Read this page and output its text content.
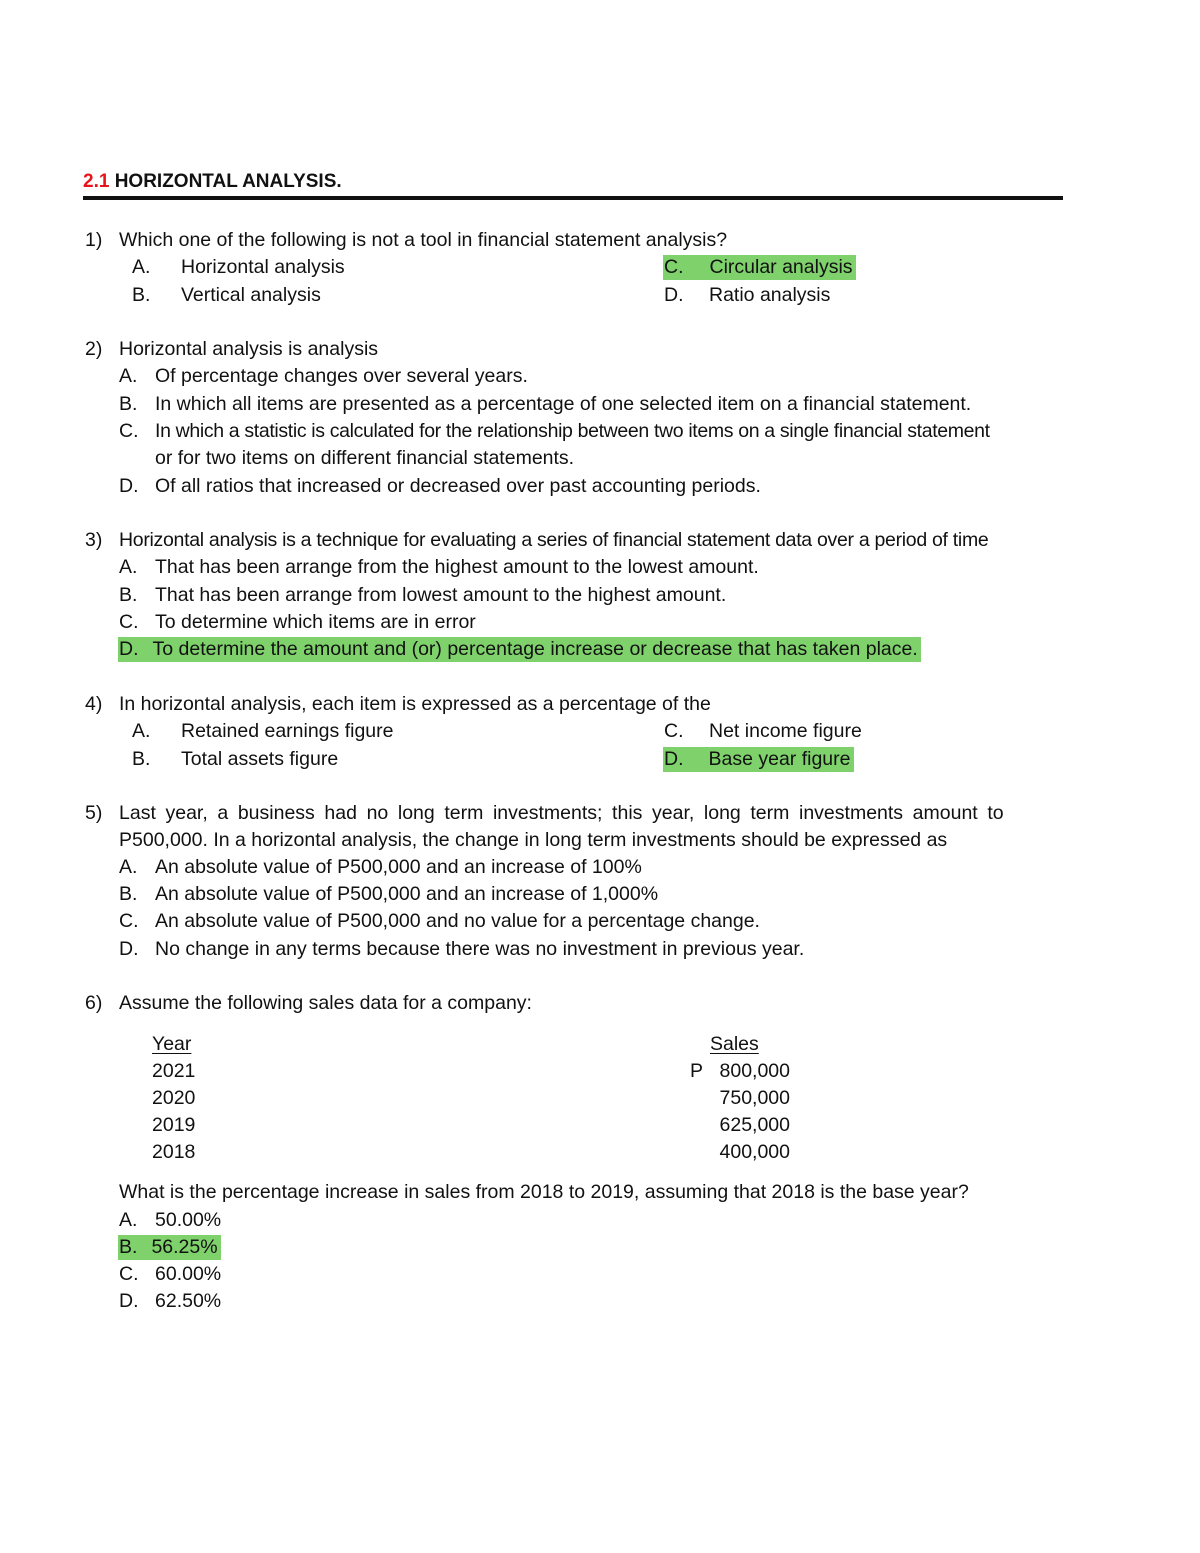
2.1 HORIZONTAL ANALYSIS.
1) Which one of the following is not a tool in financial statement analysis?
A. Horizontal analysis
B. Vertical analysis
C. Circular analysis
D. Ratio analysis
2) Horizontal analysis is analysis
A. Of percentage changes over several years.
B. In which all items are presented as a percentage of one selected item on a financial statement.
C. In which a statistic is calculated for the relationship between two items on a single financial statement
or for two items on different financial statements.
D. Of all ratios that increased or decreased over past accounting periods.
3) Horizontal analysis is a technique for evaluating a series of financial statement data over a period of time
A. That has been arrange from the highest amount to the lowest amount.
B. That has been arrange from lowest amount to the highest amount.
C. To determine which items are in error
D. To determine the amount and (or) percentage increase or decrease that has taken place.
4) In horizontal analysis, each item is expressed as a percentage of the
A. Retained earnings figure
B. Total assets figure
C. Net income figure
D. Base year figure
5) Last year, a business had no long term investments; this year, long term investments amount to
P500,000. In a horizontal analysis, the change in long term investments should be expressed as
A. An absolute value of P500,000 and an increase of 100%
B. An absolute value of P500,000 and an increase of 1,000%
C. An absolute value of P500,000 and no value for a percentage change.
D. No change in any terms because there was no investment in previous year.
6) Assume the following sales data for a company:
Year	Sales
2021	P 800,000
2020	750,000
2019	625,000
2018	400,000
What is the percentage increase in sales from 2018 to 2019, assuming that 2018 is the base year?
A. 50.00%
B. 56.25%
C. 60.00%
D. 62.50%
